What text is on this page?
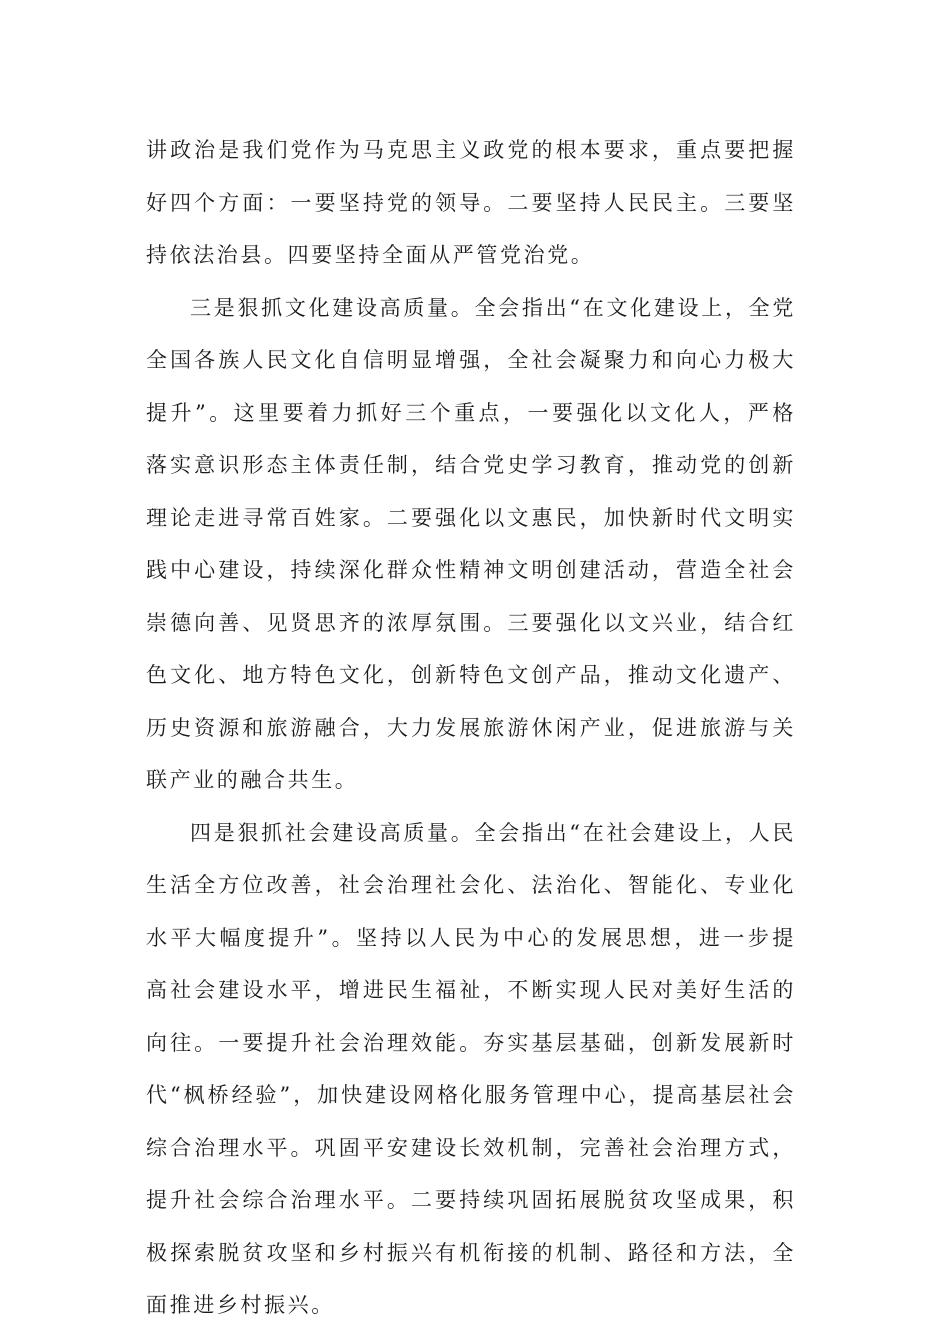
讲政治是我们党作为马克思主义政党的根本要求，重点要把握好四个方面：一要坚持党的领导。二要坚持人民民主。三要坚持依法治县。四要坚持全面从严管党治党。

三是狠抓文化建设高质量。全会指出“在文化建设上，全党全国各族人民文化自信明显增强，全社会凝聚力和向心力极大提升”。这里要着力抓好三个重点，一要强化以文化人，严格落实意识形态主体责任制，结合党史学习教育，推动党的创新理论走进寻常百姓家。二要强化以文惠民，加快新时代文明实践中心建设，持续深化群众性精神文明创建活动，营造全社会崇德向善、见贤思齐的浓厚氛围。三要强化以文兴业，结合红色文化、地方特色文化，创新特色文创产品，推动文化遗产、历史资源和旅游融合，大力发展旅游休闲产业，促进旅游与关联产业的融合共生。

四是狠抓社会建设高质量。全会指出“在社会建设上，人民生活全方位改善，社会治理社会化、法治化、智能化、专业化水平大幅度提升”。坚持以人民为中心的发展思想，进一步提高社会建设水平，增进民生福祉，不断实现人民对美好生活的向往。一要提升社会治理效能。夯实基层基础，创新发展新时代“枫桥经验”，加快建设网格化服务管理中心，提高基层社会综合治理水平。巩固平安建设长效机制，完善社会治理方式，提升社会综合治理水平。二要持续巩固拓展脱贫攻坚成果，积极探索脱贫攻坚和乡村振兴有机衔接的机制、路径和方法，全面推进乡村振兴。
